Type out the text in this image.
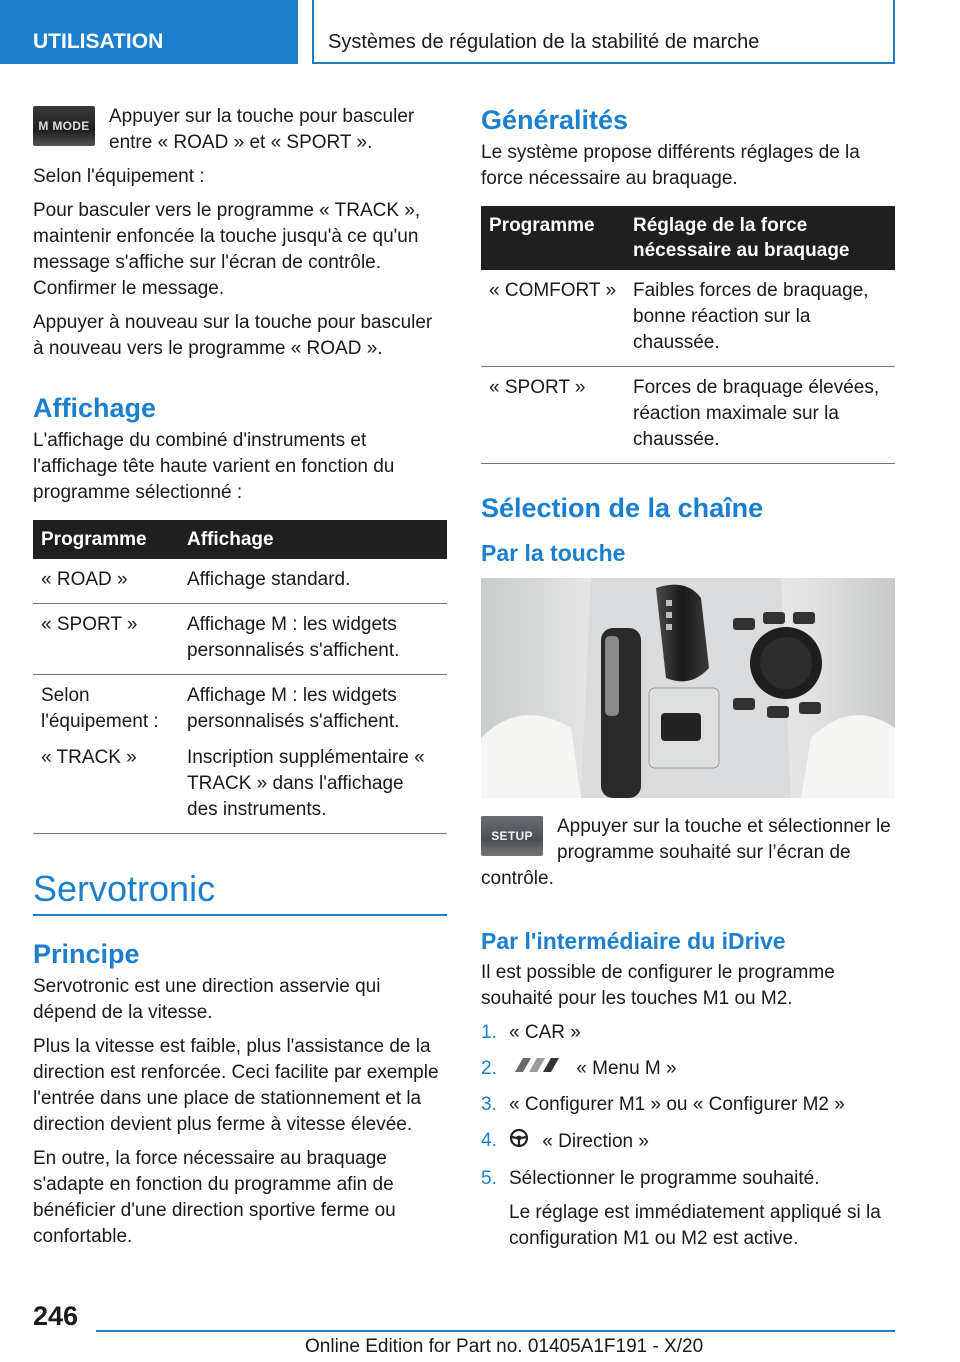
UTILISATION	Systèmes de régulation de la stabilité de marche
M MODE	Appuyer sur la touche pour basculer entre « ROAD » et « SPORT ».

Selon l'équipement :

Pour basculer vers le programme « TRACK », maintenir enfoncée la touche jusqu'à ce qu'un message s'affiche sur l'écran de contrôle. Confirmer le message.

Appuyer à nouveau sur la touche pour basculer à nouveau vers le programme « ROAD ».

Affichage

L'affichage du combiné d'instruments et l'affichage tête haute varient en fonction du programme sélectionné :

Programme	Affichage
« ROAD »	Affichage standard.
« SPORT »	Affichage M : les widgets personnalisés s'affichent.
Selon l'équipement :	Affichage M : les widgets personnalisés s'affichent.
« TRACK »	Inscription supplémentaire « TRACK » dans l'affichage des instruments.
Servotronic
Principe

Servotronic est une direction asservie qui dépend de la vitesse.

Plus la vitesse est faible, plus l'assistance de la direction est renforcée. Ceci facilite par exemple l'entrée dans une place de stationnement et la direction devient plus ferme à vitesse élevée.

En outre, la force nécessaire au braquage s'adapte en fonction du programme afin de bénéficier d'une direction sportive ferme ou confortable.

Généralités

Le système propose différents réglages de la force nécessaire au braquage.

Programme	Réglage de la force nécessaire au braquage
« COMFORT »	Faibles forces de braquage, bonne réaction sur la chaussée.
« SPORT »	Forces de braquage élevées, réaction maximale sur la chaussée.
Sélection de la chaîne
Par la touche
SETUP	Appuyer sur la touche et sélectionner le programme souhaité sur l’écran de contrôle.

Par l'intermédiaire du iDrive

Il est possible de configurer le programme souhaité pour les touches M1 ou M2.

1. « CAR »
2.	« Menu M »
3. « Configurer M1 » ou « Configurer M2 »
4. « Direction »
5. Sélectionner le programme souhaité.
Le réglage est immédiatement appliqué si la configuration M1 ou M2 est active.
246
Online Edition for Part no. 01405A1F191 - X/20
